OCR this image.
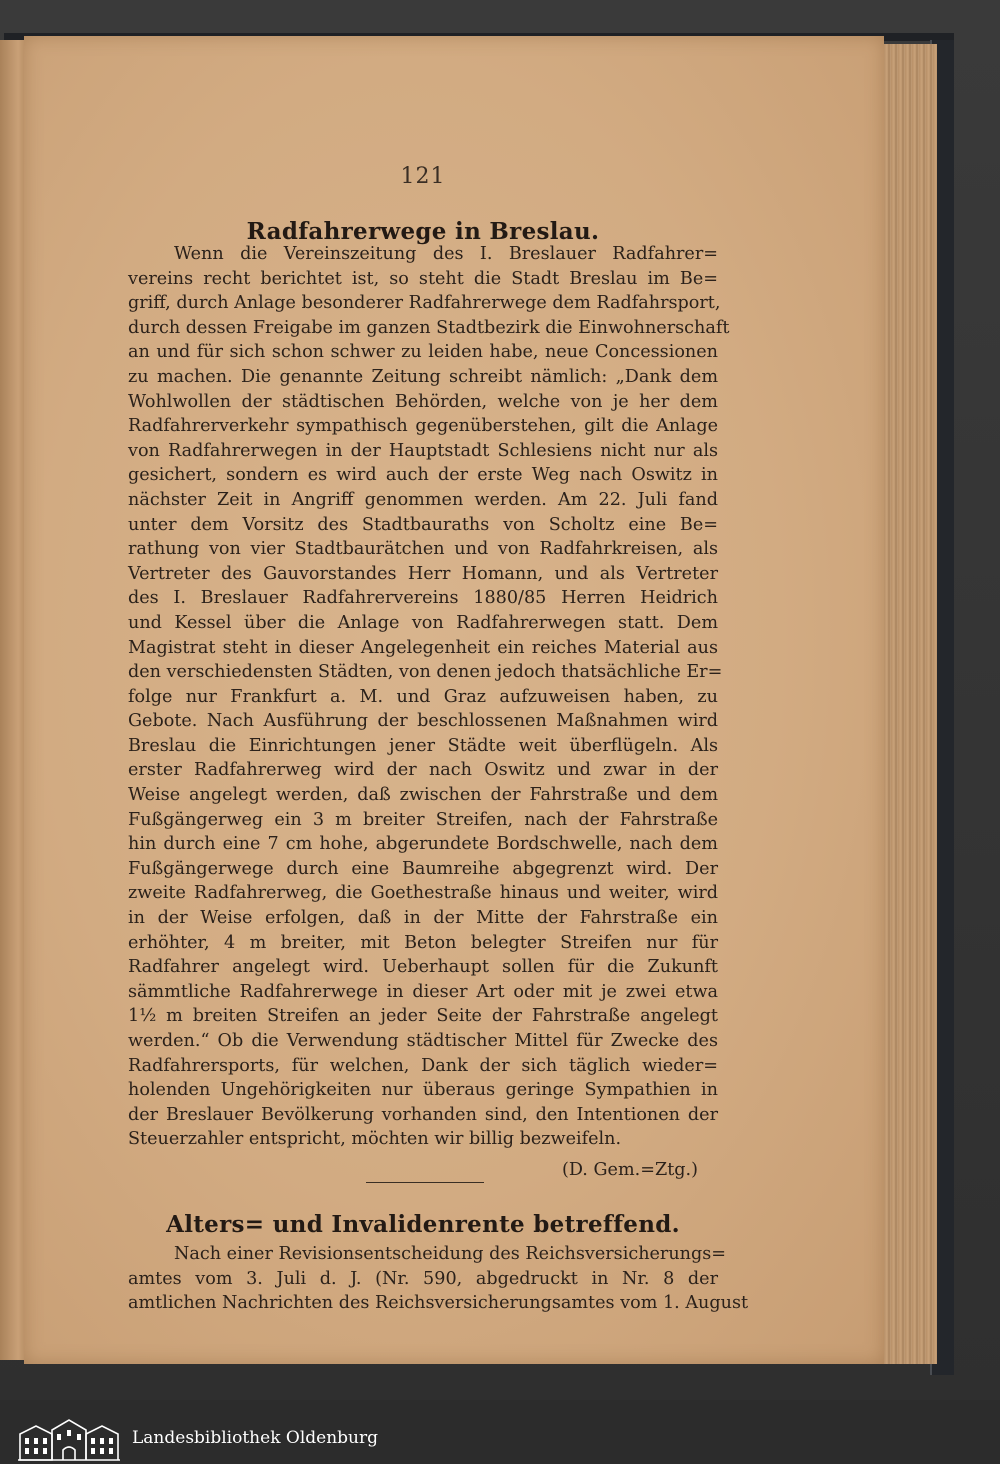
121
Radfahrerwege in Breslau.
Wenn die Vereinszeitung des I. Breslauer Radfahrer=
vereins recht berichtet ist, so steht die Stadt Breslau im Be=
griff, durch Anlage besonderer Radfahrerwege dem Radfahrsport,
durch dessen Freigabe im ganzen Stadtbezirk die Einwohnerschaft
an und für sich schon schwer zu leiden habe, neue Concessionen
zu machen. Die genannte Zeitung schreibt nämlich: „Dank dem
Wohlwollen der städtischen Behörden, welche von je her dem
Radfahrerverkehr sympathisch gegenüberstehen, gilt die Anlage
von Radfahrerwegen in der Hauptstadt Schlesiens nicht nur als
gesichert, sondern es wird auch der erste Weg nach Oswitz in
nächster Zeit in Angriff genommen werden. Am 22. Juli fand
unter dem Vorsitz des Stadtbauraths von Scholtz eine Be=
rathung von vier Stadtbaurätchen und von Radfahrkreisen, als
Vertreter des Gauvorstandes Herr Homann, und als Vertreter
des I. Breslauer Radfahrervereins 1880/85 Herren Heidrich
und Kessel über die Anlage von Radfahrerwegen statt. Dem
Magistrat steht in dieser Angelegenheit ein reiches Material aus
den verschiedensten Städten, von denen jedoch thatsächliche Er=
folge nur Frankfurt a. M. und Graz aufzuweisen haben, zu
Gebote. Nach Ausführung der beschlossenen Maßnahmen wird
Breslau die Einrichtungen jener Städte weit überflügeln. Als
erster Radfahrerweg wird der nach Oswitz und zwar in der
Weise angelegt werden, daß zwischen der Fahrstraße und dem
Fußgängerweg ein 3 m breiter Streifen, nach der Fahrstraße
hin durch eine 7 cm hohe, abgerundete Bordschwelle, nach dem
Fußgängerwege durch eine Baumreihe abgegrenzt wird. Der
zweite Radfahrerweg, die Goethestraße hinaus und weiter, wird
in der Weise erfolgen, daß in der Mitte der Fahrstraße ein
erhöhter, 4 m breiter, mit Beton belegter Streifen nur für
Radfahrer angelegt wird. Ueberhaupt sollen für die Zukunft
sämmtliche Radfahrerwege in dieser Art oder mit je zwei etwa
1½ m breiten Streifen an jeder Seite der Fahrstraße angelegt
werden.“ Ob die Verwendung städtischer Mittel für Zwecke des
Radfahrersports, für welchen, Dank der sich täglich wieder=
holenden Ungehörigkeiten nur überaus geringe Sympathien in
der Breslauer Bevölkerung vorhanden sind, den Intentionen der
Steuerzahler entspricht, möchten wir billig bezweifeln.
(D. Gem.=Ztg.)
Alters= und Invalidenrente betreffend.
Nach einer Revisionsentscheidung des Reichsversicherungs=
amtes vom 3. Juli d. J. (Nr. 590, abgedruckt in Nr. 8 der
amtlichen Nachrichten des Reichsversicherungsamtes vom 1. August
Landesbibliothek Oldenburg
